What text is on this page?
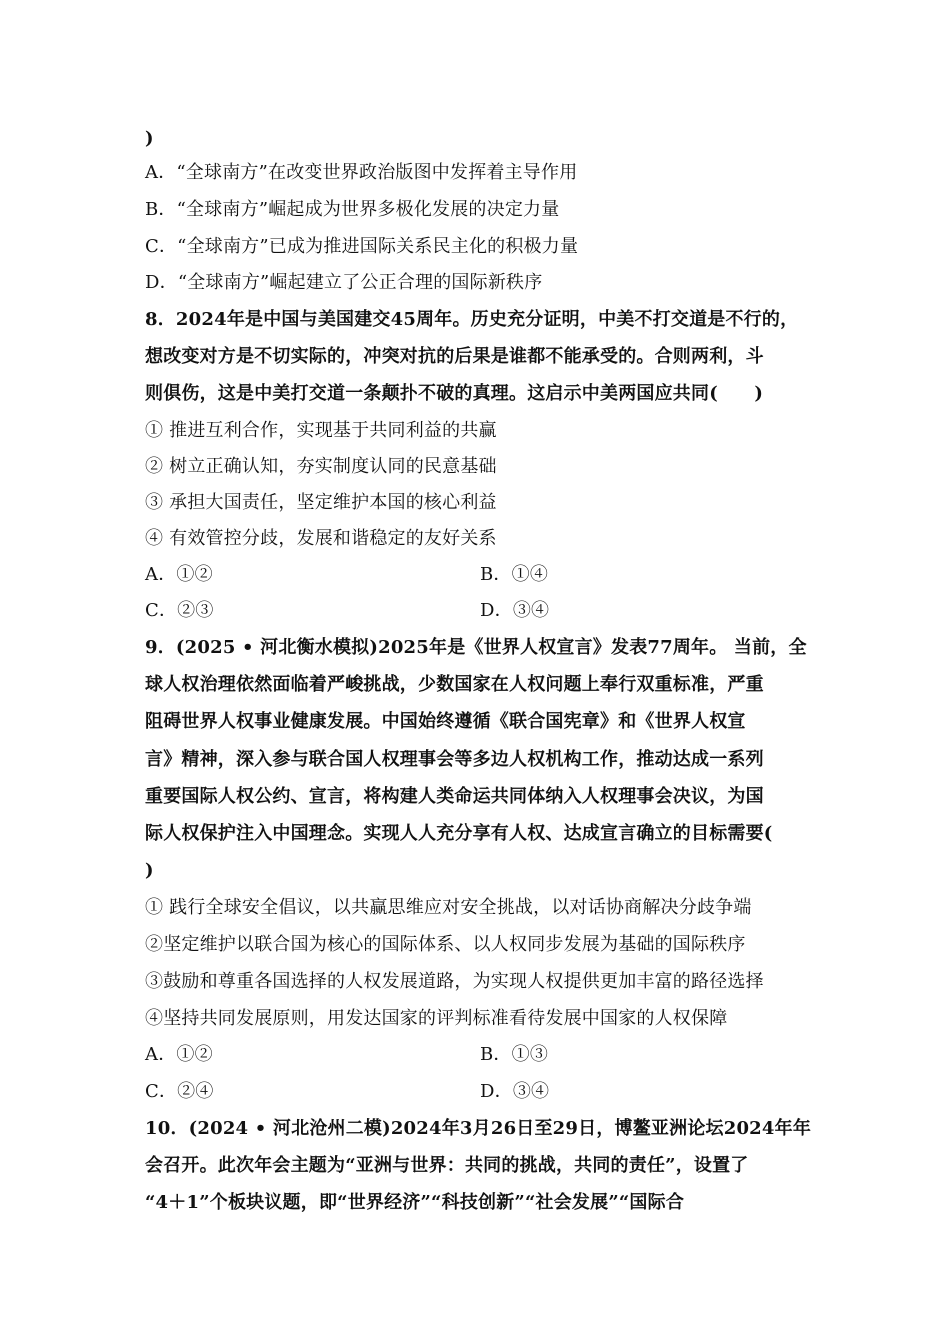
)
A．“全球南方”在改变世界政治版图中发挥着主导作用
B．“全球南方”崛起成为世界多极化发展的决定力量
C．“全球南方”已成为推进国际关系民主化的积极力量
D．“全球南方”崛起建立了公正合理的国际新秩序
8．2024年是中国与美国建交45周年。历史充分证明，中美不打交道是不行的，
想改变对方是不切实际的，冲突对抗的后果是谁都不能承受的。合则两利，斗
则俱伤，这是中美打交道一条颠扑不破的真理。这启示中美两国应共同(　　)
① 推进互利合作，实现基于共同利益的共赢
② 树立正确认知，夯实制度认同的民意基础
③ 承担大国责任，坚定维护本国的核心利益
④ 有效管控分歧，发展和谐稳定的友好关系
A．①②	B．①④
C．②③	D．③④
9．(2025 • 河北衡水模拟)2025年是《世界人权宣言》发表77周年。 当前，全
球人权治理依然面临着严峻挑战，少数国家在人权问题上奉行双重标准，严重
阻碍世界人权事业健康发展。中国始终遵循《联合国宪章》和《世界人权宣
言》精神，深入参与联合国人权理事会等多边人权机构工作，推动达成一系列
重要国际人权公约、宣言，将构建人类命运共同体纳入人权理事会决议，为国
际人权保护注入中国理念。实现人人充分享有人权、达成宣言确立的目标需要(
)
① 践行全球安全倡议，以共赢思维应对安全挑战，以对话协商解决分歧争端
②坚定维护以联合国为核心的国际体系、以人权同步发展为基础的国际秩序
③鼓励和尊重各国选择的人权发展道路，为实现人权提供更加丰富的路径选择
④坚持共同发展原则，用发达国家的评判标准看待发展中国家的人权保障
A．①②	B．①③
C．②④	D．③④
10．(2024 • 河北沧州二模)2024年3月26日至29日，博鳌亚洲论坛2024年年
会召开。此次年会主题为“亚洲与世界：共同的挑战，共同的责任”，设置了
“4＋1”个板块议题，即“世界经济”“科技创新”“社会发展”“国际合
